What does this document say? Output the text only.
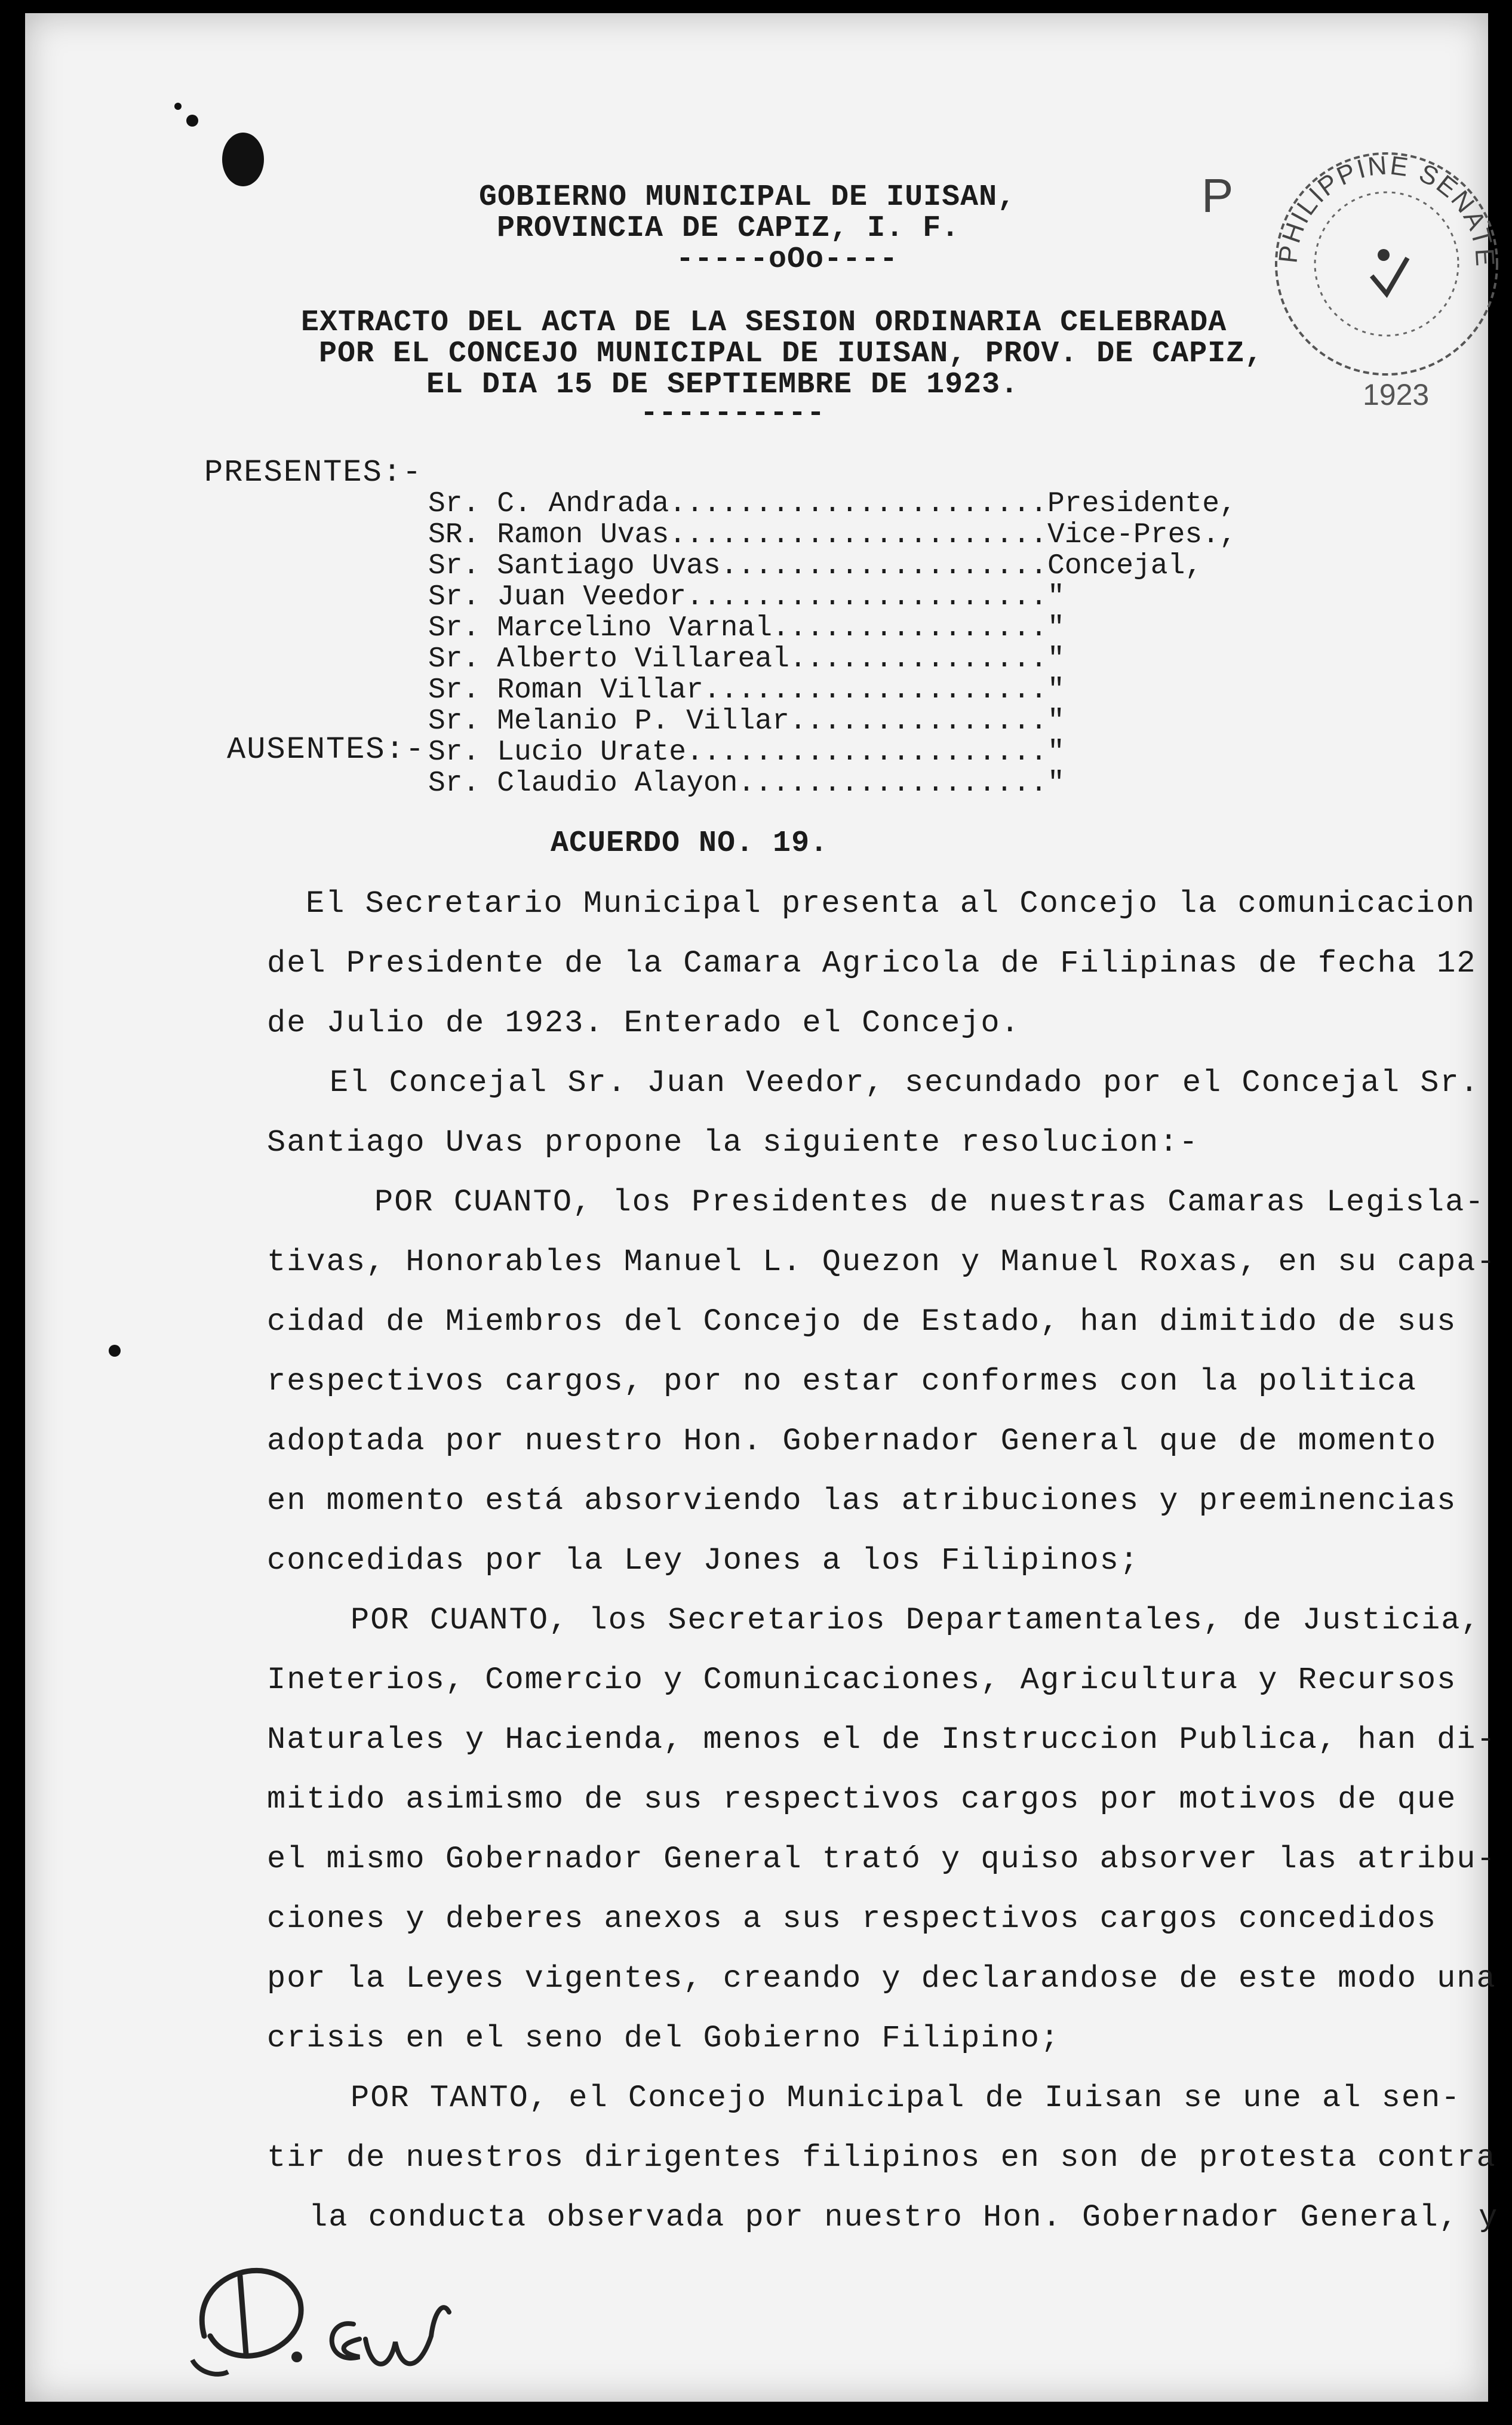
GOBIERNO MUNICIPAL DE IUISAN,
PROVINCIA DE CAPIZ, I. F.
-----oOo----
EXTRACTO DEL ACTA DE LA SESION ORDINARIA CELEBRADA
POR EL CONCEJO MUNICIPAL DE IUISAN, PROV. DE CAPIZ,
EL DIA 15 DE SEPTIEMBRE DE 1923.
----------
PRESENTES:-
AUSENTES:-
Sr. C. Andrada......................Presidente,
SR. Ramon Uvas......................Vice-Pres.,
Sr. Santiago Uvas...................Concejal,
Sr. Juan Veedor....................."
Sr. Marcelino Varnal................"
Sr. Alberto Villareal..............."
Sr. Roman Villar...................."
Sr. Melanio P. Villar..............."
Sr. Lucio Urate....................."
Sr. Claudio Alayon.................."
ACUERDO NO. 19.
El Secretario Municipal presenta al Concejo la comunicacion
del Presidente de la Camara Agricola de Filipinas de fecha 12
de Julio de 1923. Enterado el Concejo.
El Concejal Sr. Juan Veedor, secundado por el Concejal Sr.
Santiago Uvas propone la siguiente resolucion:-
POR CUANTO, los Presidentes de nuestras Camaras Legisla-
tivas, Honorables Manuel L. Quezon y Manuel Roxas, en su capa-
cidad de Miembros del Concejo de Estado, han dimitido de sus
respectivos cargos, por no estar conformes con la politica
adoptada por nuestro Hon. Gobernador General que de momento
en momento está absorviendo las atribuciones y preeminencias
concedidas por la Ley Jones a los Filipinos;
POR CUANTO, los Secretarios Departamentales, de Justicia,
Ineterios, Comercio y Comunicaciones, Agricultura y Recursos
Naturales y Hacienda, menos el de Instruccion Publica, han di-
mitido asimismo de sus respectivos cargos por motivos de que
el mismo Gobernador General trató y quiso absorver las atribu-
ciones y deberes anexos a sus respectivos cargos concedidos
por la Leyes vigentes, creando y declarandose de este modo una
crisis en el seno del Gobierno Filipino;
POR TANTO, el Concejo Municipal de Iuisan se une al sen-
tir de nuestros dirigentes filipinos en son de protesta contra
la conducta observada por nuestro Hon. Gobernador General, y
P
PHILIPPINE SENATE
1923
